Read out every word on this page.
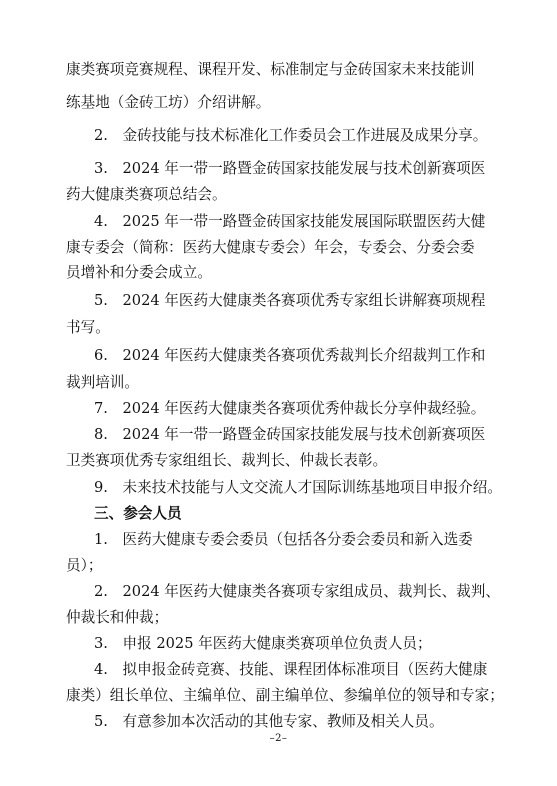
康类赛项竞赛规程、课程开发、标准制定与金砖国家未来技能训
练基地（金砖工坊）介绍讲解。
2.　金砖技能与技术标准化工作委员会工作进展及成果分享。
3.　2024 年一带一路暨金砖国家技能发展与技术创新赛项医
药大健康类赛项总结会。
4.　2025 年一带一路暨金砖国家技能发展国际联盟医药大健
康专委会（简称：医药大健康专委会）年会，专委会、分委会委
员增补和分委会成立。
5.　2024 年医药大健康类各赛项优秀专家组长讲解赛项规程
书写。
6.　2024 年医药大健康类各赛项优秀裁判长介绍裁判工作和
裁判培训。
7.　2024 年医药大健康类各赛项优秀仲裁长分享仲裁经验。
8.　2024 年一带一路暨金砖国家技能发展与技术创新赛项医
卫类赛项优秀专家组组长、裁判长、仲裁长表彰。
9.　未来技术技能与人文交流人才国际训练基地项目申报介绍。
三、参会人员
1.　医药大健康专委会委员（包括各分委会委员和新入选委
员）；
2.　2024 年医药大健康类各赛项专家组成员、裁判长、裁判、
仲裁长和仲裁；
3.　申报 2025 年医药大健康类赛项单位负责人员；
4.　拟申报金砖竞赛、技能、课程团体标准项目（医药大健康
康类）组长单位、主编单位、副主编单位、参编单位的领导和专家；
5.　有意参加本次活动的其他专家、教师及相关人员。
–2–
